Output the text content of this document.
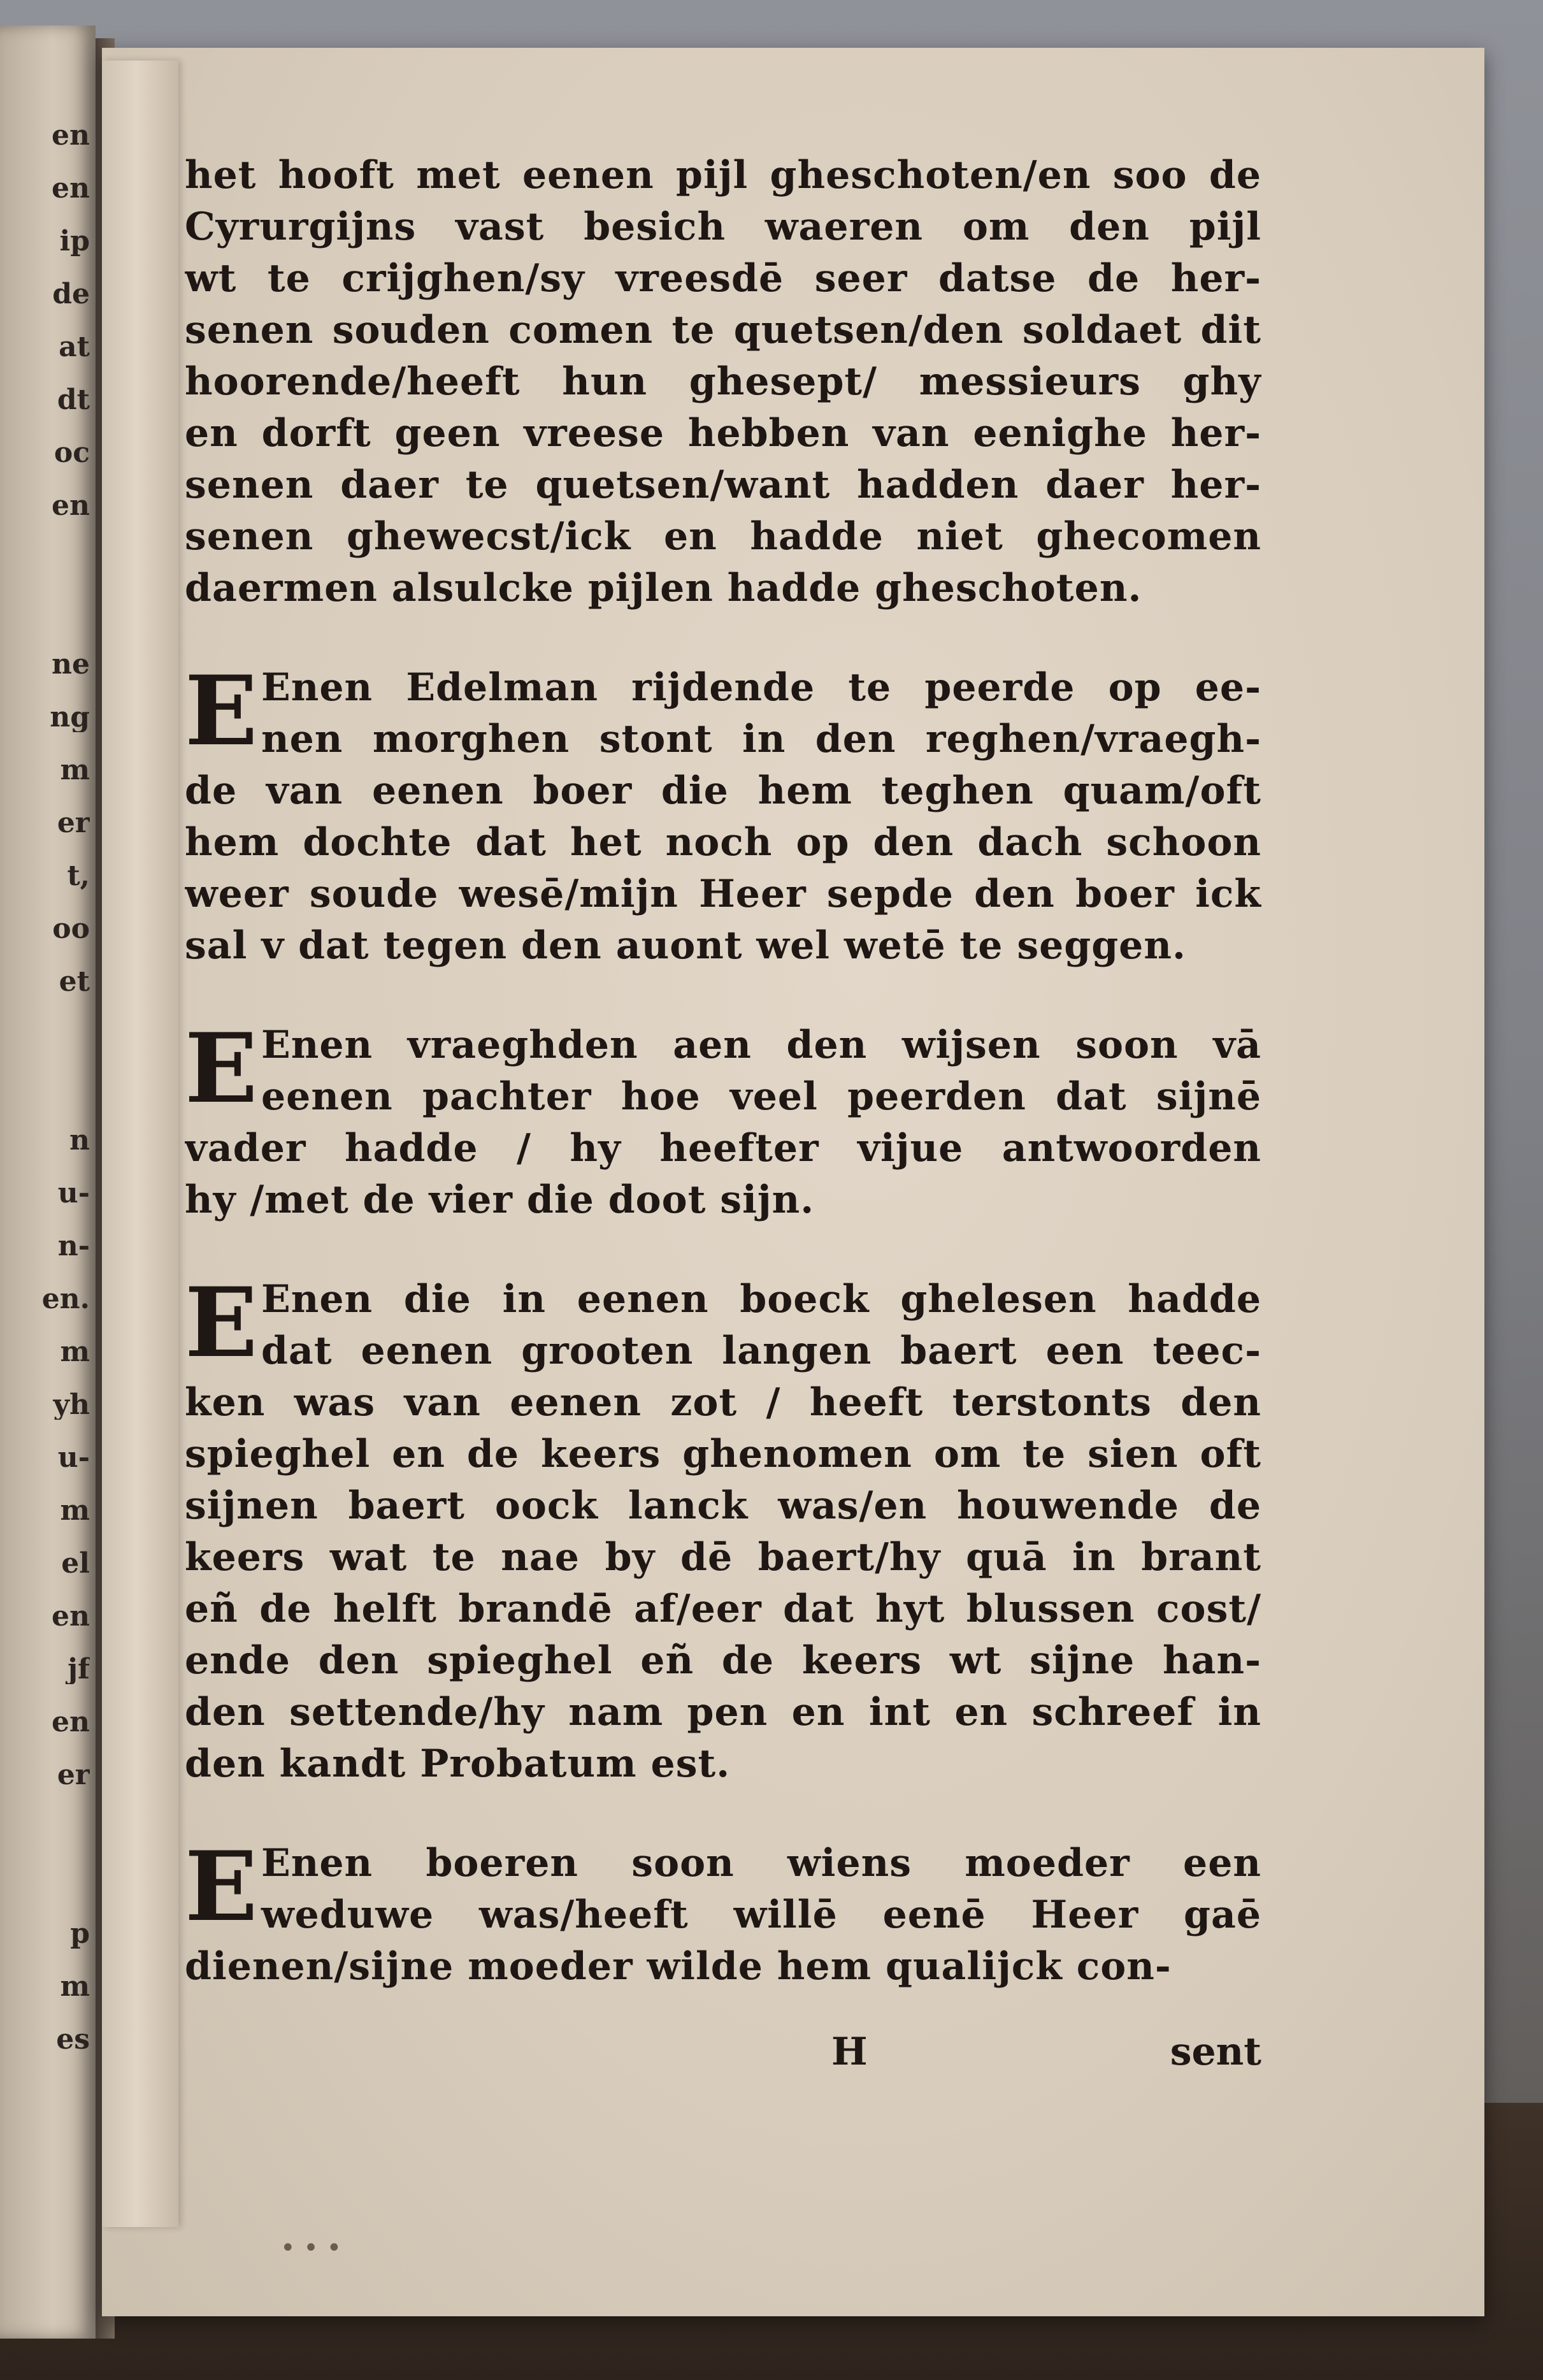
en
en
ip
de
at
dt
oc
en
ne
ng
m
er
t,
oo
et
n
u-
n-
en.
m
yh
u-
m
el
en
jf
en
er
p
m
es
het hooft met eenen pijl gheschoten/en soo de
Cyrurgijns vast besich waeren om den pijl
wt te crijghen/sy vreesdē seer datse de her-
senen souden comen te quetsen/den soldaet dit
hoorende/heeft hun ghesept/ messieurs ghy
en dorft geen vreese hebben van eenighe her-
senen daer te quetsen/want hadden daer her-
senen ghewecst/ick en hadde niet ghecomen
daermen alsulcke pijlen hadde gheschoten.
E Enen Edelman rijdende te peerde op ee-
nen morghen stont in den reghen/vraegh-
de van eenen boer die hem teghen quam/oft
hem dochte dat het noch op den dach schoon
weer soude wesē/mijn Heer sepde den boer ick
sal v dat tegen den auont wel wetē te seggen.
E Enen vraeghden aen den wijsen soon vā
eenen pachter hoe veel peerden dat sijnē
vader hadde / hy heefter vijue antwoorden
hy /met de vier die doot sijn.
E Enen die in eenen boeck ghelesen hadde
dat eenen grooten langen baert een teec-
ken was van eenen zot / heeft terstonts den
spieghel en de keers ghenomen om te sien oft
sijnen baert oock lanck was/en houwende de
keers wat te nae by dē baert/hy quā in brant
eñ de helft brandē af/eer dat hyt blussen cost/
ende den spieghel eñ de keers wt sijne han-
den settende/hy nam pen en int en schreef in
den kandt Probatum est.
E Enen boeren soon wiens moeder een
weduwe was/heeft willē eenē Heer gaē
dienen/sijne moeder wilde hem qualijck con-
H	sent
• • •
